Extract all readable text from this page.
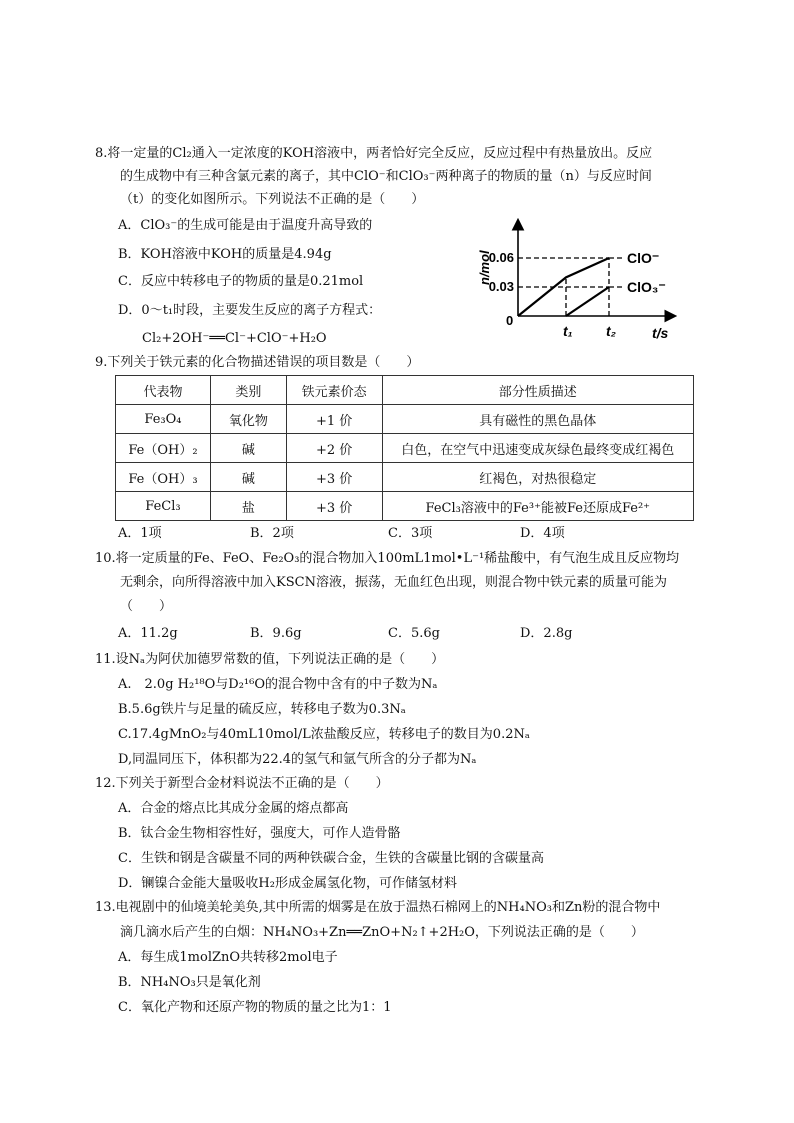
8.将一定量的Cl₂通入一定浓度的KOH溶液中，两者恰好完全反应，反应过程中有热量放出。反应
的生成物中有三种含氯元素的离子，其中ClO⁻和ClO₃⁻两种离子的物质的量（n）与反应时间
（t）的变化如图所示。下列说法不正确的是（　　）
A．ClO₃⁻的生成可能是由于温度升高导致的
B．KOH溶液中KOH的质量是4.94g
C．反应中转移电子的物质的量是0.21mol
D．0～t₁时段，主要发生反应的离子方程式：
Cl₂+2OH⁻══Cl⁻+ClO⁻+H₂O
0.03
0.06
t₁ t₂
ClO⁻
ClO₃⁻
0
t/s
n/mol
9.下列关于铁元素的化合物描述错误的项目数是（　　）
代表物	类别	铁元素价态	部分性质描述
Fe₃O₄	氧化物	+1 价	具有磁性的黑色晶体
Fe（OH）₂	碱	+2 价	白色，在空气中迅速变成灰绿色最终变成红褐色
Fe（OH）₃	碱	+3 价	红褐色，对热很稳定
FeCl₃	盐	+3 价	FeCl₃溶液中的Fe³⁺能被Fe还原成Fe²⁺
A．1项	B．2项	C．3项	D．4项
10.将一定质量的Fe、FeO、Fe₂O₃的混合物加入100mL1mol•L⁻¹稀盐酸中，有气泡生成且反应物均
无剩余，向所得溶液中加入KSCN溶液，振荡，无血红色出现，则混合物中铁元素的质量可能为
（　　）
A．11.2g	B．9.6g	C．5.6g	D．2.8g
11.设Nₐ为阿伏加德罗常数的值，下列说法正确的是（　　）
A.　2.0g H₂¹⁸O与D₂¹⁶O的混合物中含有的中子数为Nₐ
B.5.6g铁片与足量的硫反应，转移电子数为0.3Nₐ
C.17.4gMnO₂与40mL10mol/L浓盐酸反应，转移电子的数目为0.2Nₐ
D,同温同压下，体积都为22.4的氢气和氩气所含的分子都为Nₐ
12.下列关于新型合金材料说法不正确的是（　　）
A．合金的熔点比其成分金属的熔点都高
B．钛合金生物相容性好，强度大，可作人造骨骼
C．生铁和钢是含碳量不同的两种铁碳合金，生铁的含碳量比钢的含碳量高
D．镧镍合金能大量吸收H₂形成金属氢化物，可作储氢材料
13.电视剧中的仙境美轮美奂,其中所需的烟雾是在放于温热石棉网上的NH₄NO₃和Zn粉的混合物中
滴几滴水后产生的白烟：NH₄NO₃+Zn══ZnO+N₂↑+2H₂O，下列说法正确的是（　　）
A．每生成1molZnO共转移2mol电子
B．NH₄NO₃只是氧化剂
C．氧化产物和还原产物的物质的量之比为1：1
